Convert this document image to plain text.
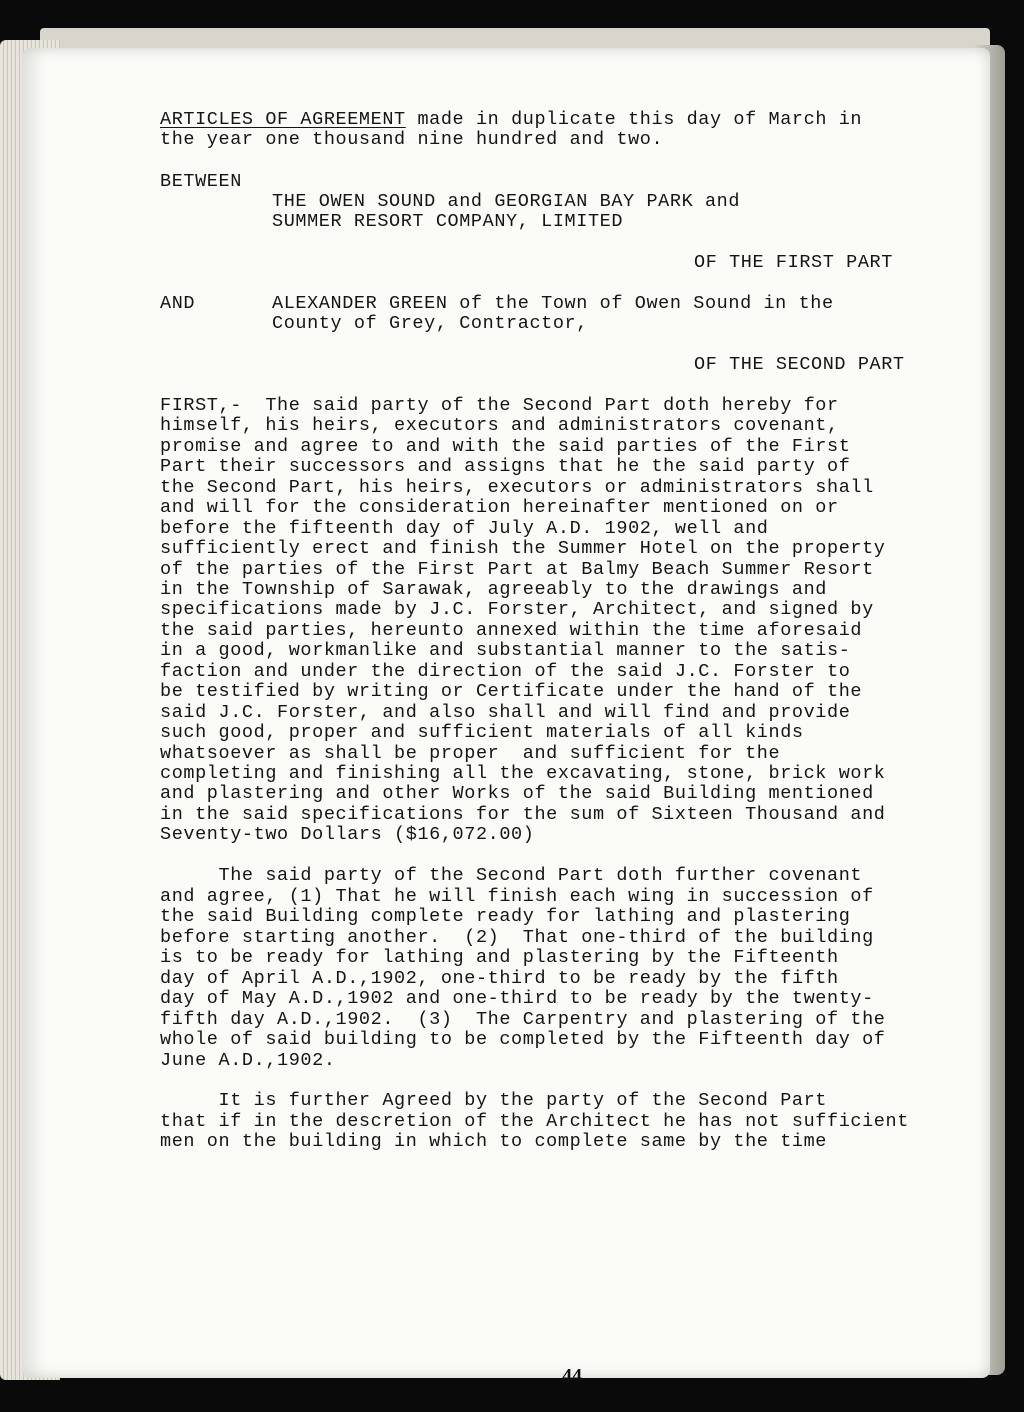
ARTICLES OF AGREEMENT made in duplicate this day of March in
the year one thousand nine hundred and two.
BETWEEN
THE OWEN SOUND and GEORGIAN BAY PARK and
SUMMER RESORT COMPANY, LIMITED
OF THE FIRST PART
AND	ALEXANDER GREEN of the Town of Owen Sound in the
County of Grey, Contractor,
OF THE SECOND PART
FIRST,-  The said party of the Second Part doth hereby for
himself, his heirs, executors and administrators covenant,
promise and agree to and with the said parties of the First
Part their successors and assigns that he the said party of
the Second Part, his heirs, executors or administrators shall
and will for the consideration hereinafter mentioned on or
before the fifteenth day of July A.D. 1902, well and
sufficiently erect and finish the Summer Hotel on the property
of the parties of the First Part at Balmy Beach Summer Resort
in the Township of Sarawak, agreeably to the drawings and
specifications made by J.C. Forster, Architect, and signed by
the said parties, hereunto annexed within the time aforesaid
in a good, workmanlike and substantial manner to the satis-
faction and under the direction of the said J.C. Forster to
be testified by writing or Certificate under the hand of the
said J.C. Forster, and also shall and will find and provide
such good, proper and sufficient materials of all kinds
whatsoever as shall be proper  and sufficient for the
completing and finishing all the excavating, stone, brick work
and plastering and other Works of the said Building mentioned
in the said specifications for the sum of Sixteen Thousand and
Seventy-two Dollars ($16,072.00)
The said party of the Second Part doth further covenant
and agree, (1) That he will finish each wing in succession of
the said Building complete ready for lathing and plastering
before starting another.  (2)  That one-third of the building
is to be ready for lathing and plastering by the Fifteenth
day of April A.D.,1902, one-third to be ready by the fifth
day of May A.D.,1902 and one-third to be ready by the twenty-
fifth day A.D.,1902.  (3)  The Carpentry and plastering of the
whole of said building to be completed by the Fifteenth day of
June A.D.,1902.
It is further Agreed by the party of the Second Part
that if in the descretion of the Architect he has not sufficient
men on the building in which to complete same by the time
44
